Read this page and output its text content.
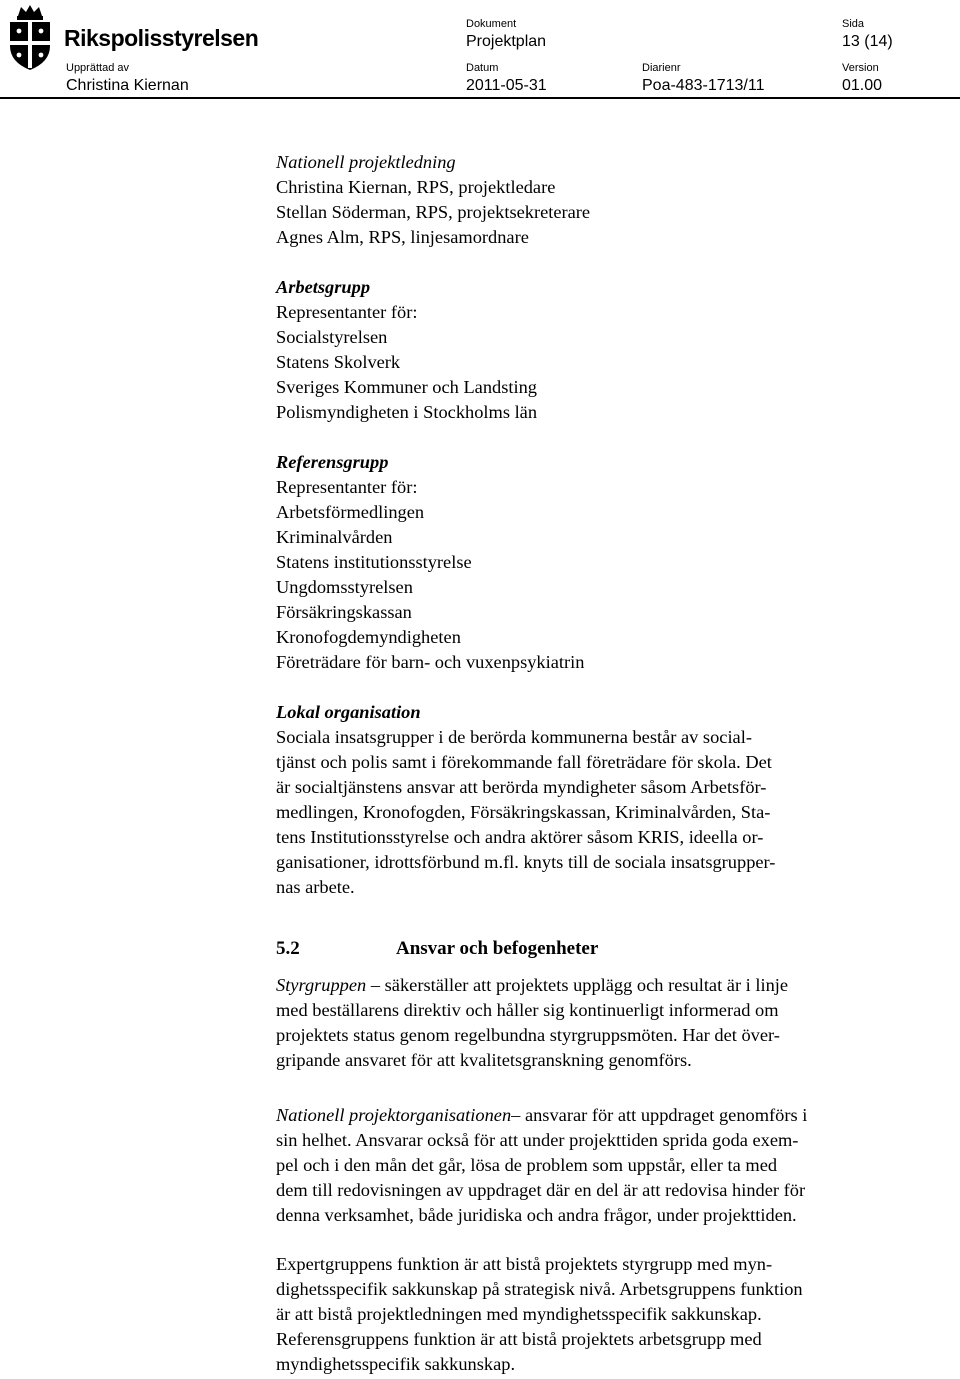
Rikspolisstyrelsen
Dokument
Projektplan
Sida
13 (14)
Upprättad av
Christina Kiernan
Datum
2011-05-31
Diarienr
Poa-483-1713/11
Version
01.00
Nationell projektledning
Christina Kiernan, RPS, projektledare
Stellan Söderman, RPS, projektsekreterare
Agnes Alm, RPS, linjesamordnare
Arbetsgrupp
Representanter för:
Socialstyrelsen
Statens Skolverk
Sveriges Kommuner och Landsting
Polismyndigheten i Stockholms län
Referensgrupp
Representanter för:
Arbetsförmedlingen
Kriminalvården
Statens institutionsstyrelse
Ungdomsstyrelsen
Försäkringskassan
Kronofogdemyndigheten
Företrädare för barn- och vuxenpsykiatrin
Lokal organisation
Sociala insatsgrupper i de berörda kommunerna består av social-
tjänst och polis samt i förekommande fall företrädare för skola. Det
är socialtjänstens ansvar att berörda myndigheter såsom Arbetsför-
medlingen, Kronofogden, Försäkringskassan, Kriminalvården, Sta-
tens Institutionsstyrelse och andra aktörer såsom KRIS, ideella or-
ganisationer, idrottsförbund m.fl. knyts till de sociala insatsgrupper-
nas arbete.
5.2	Ansvar och befogenheter
Styrgruppen – säkerställer att projektets upplägg och resultat är i linje
med beställarens direktiv och håller sig kontinuerligt informerad om
projektets status genom regelbundna styrgruppsmöten. Har det över-
gripande ansvaret för att kvalitetsgranskning genomförs.
Nationell projektorganisationen– ansvarar för att uppdraget genomförs i
sin helhet. Ansvarar också för att under projekttiden sprida goda exem-
pel och i den mån det går, lösa de problem som uppstår, eller ta med
dem till redovisningen av uppdraget där en del är att redovisa hinder för
denna verksamhet, både juridiska och andra frågor, under projekttiden.
Expertgruppens funktion är att bistå projektets styrgrupp med myn-
dighetsspecifik sakkunskap på strategisk nivå. Arbetsgruppens funktion
är att bistå projektledningen med myndighetsspecifik sakkunskap.
Referensgruppens funktion är att bistå projektets arbetsgrupp med
myndighetsspecifik sakkunskap.
